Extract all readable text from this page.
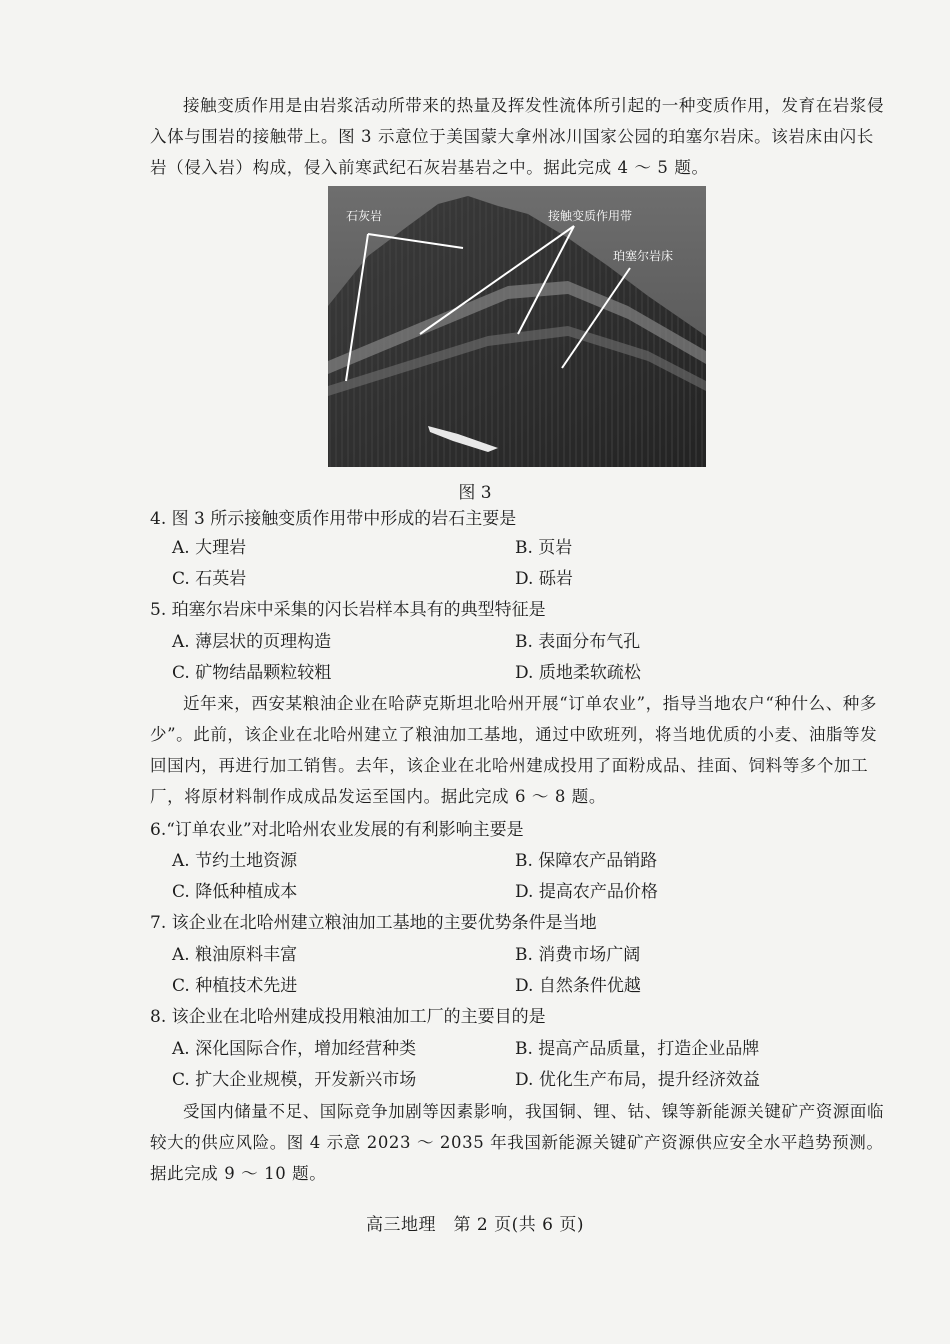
接触变质作用是由岩浆活动所带来的热量及挥发性流体所引起的一种变质作用，发育在岩浆侵入体与围岩的接触带上。图 3 示意位于美国蒙大拿州冰川国家公园的珀塞尔岩床。该岩床由闪长岩（侵入岩）构成，侵入前寒武纪石灰岩基岩之中。据此完成 4 ～ 5 题。

石灰岩	接触变质作用带
珀塞尔岩床
图 3
4. 图 3 所示接触变质作用带中形成的岩石主要是
A. 大理岩	B. 页岩
C. 石英岩	D. 砾岩
5. 珀塞尔岩床中采集的闪长岩样本具有的典型特征是
A. 薄层状的页理构造	B. 表面分布气孔
C. 矿物结晶颗粒较粗	D. 质地柔软疏松

近年来，西安某粮油企业在哈萨克斯坦北哈州开展“订单农业”，指导当地农户“种什么、种多少”。此前，该企业在北哈州建立了粮油加工基地，通过中欧班列，将当地优质的小麦、油脂等发回国内，再进行加工销售。去年，该企业在北哈州建成投用了面粉成品、挂面、饲料等多个加工厂，将原材料制作成成品发运至国内。据此完成 6 ～ 8 题。

6.“订单农业”对北哈州农业发展的有利影响主要是
A. 节约土地资源	B. 保障农产品销路
C. 降低种植成本	D. 提高农产品价格
7. 该企业在北哈州建立粮油加工基地的主要优势条件是当地
A. 粮油原料丰富	B. 消费市场广阔
C. 种植技术先进	D. 自然条件优越
8. 该企业在北哈州建成投用粮油加工厂的主要目的是
A. 深化国际合作，增加经营种类	B. 提高产品质量，打造企业品牌
C. 扩大企业规模，开发新兴市场	D. 优化生产布局，提升经济效益

受国内储量不足、国际竞争加剧等因素影响，我国铜、锂、钴、镍等新能源关键矿产资源面临较大的供应风险。图 4 示意 2023 ～ 2035 年我国新能源关键矿产资源供应安全水平趋势预测。据此完成 9 ～ 10 题。

高三地理　第 2 页(共 6 页)
